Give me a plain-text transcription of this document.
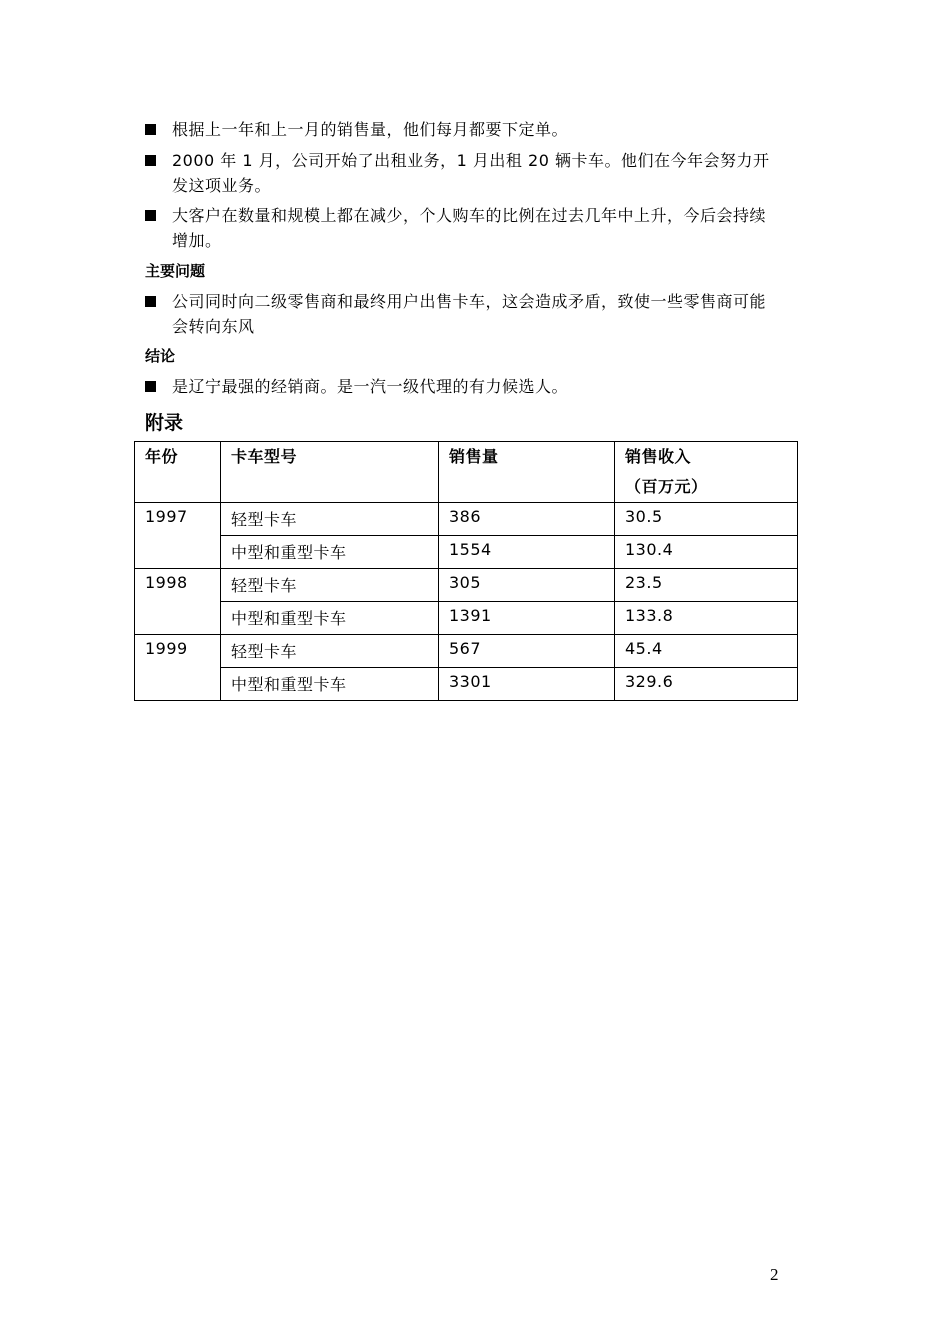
根据上一年和上一月的销售量，他们每月都要下定单。
2000 年 1 月，公司开始了出租业务，1 月出租 20 辆卡车。他们在今年会努力开发这项业务。
大客户在数量和规模上都在减少，个人购车的比例在过去几年中上升，今后会持续增加。
主要问题
公司同时向二级零售商和最终用户出售卡车，这会造成矛盾，致使一些零售商可能会转向东风
结论
是辽宁最强的经销商。是一汽一级代理的有力候选人。
附录
年份	卡车型号	销售量	销售收入
（百万元）

1997	轻型卡车	386	30.5
	中型和重型卡车	1554	130.4
1998	轻型卡车	305	23.5
	中型和重型卡车	1391	133.8
1999	轻型卡车	567	45.4
	中型和重型卡车	3301	329.6
2
